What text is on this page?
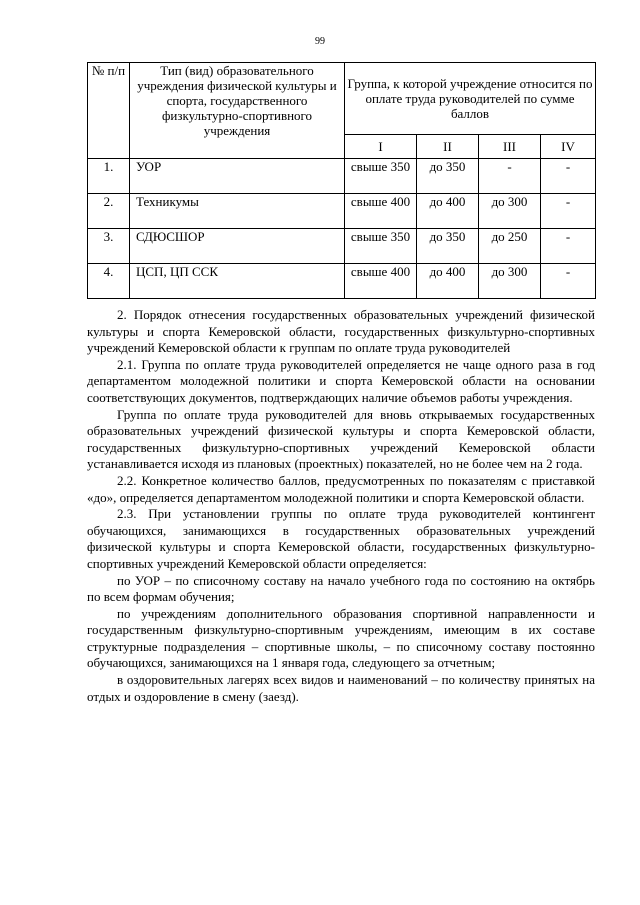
99
№ п/п	Тип (вид) образовательного учреждения физической культуры и спорта, государственного физкультурно-спортивного учреждения	Группа, к которой учреждение относится по оплате труда руководителей по сумме баллов			
		I	II	III	IV
1.	УОР	свыше 350	до 350	-	-
2.	Техникумы	свыше 400	до 400	до 300	-
3.	СДЮСШОР	свыше 350	до 350	до 250	-
4.	ЦСП, ЦП ССК	свыше 400	до 400	до 300	-

2. Порядок отнесения государственных образовательных учреждений физической культуры и спорта Кемеровской области, государственных физкультурно-спортивных учреждений Кемеровской области к группам по оплате труда руководителей

2.1. Группа по оплате труда руководителей определяется не чаще одного раза в год департаментом молодежной политики и спорта Кемеровской области на основании соответствующих документов, подтверждающих наличие объемов работы учреждения.

Группа по оплате труда руководителей для вновь открываемых государственных образовательных учреждений физической культуры и спорта Кемеровской области, государственных физкультурно-спортивных учреждений Кемеровской области устанавливается исходя из плановых (проектных) показателей, но не более чем на 2 года.

2.2. Конкретное количество баллов, предусмотренных по показателям с приставкой «до», определяется департаментом молодежной политики и спорта Кемеровской области.

2.3. При установлении группы по оплате труда руководителей контингент обучающихся, занимающихся в государственных образовательных учреждений физической культуры и спорта Кемеровской области, государственных физкультурно-спортивных учреждений Кемеровской области определяется:

по УОР – по списочному составу на начало учебного года по состоянию на октябрь по всем формам обучения;

по учреждениям дополнительного образования спортивной направленности и государственным физкультурно-спортивным учреждениям, имеющим в их составе структурные подразделения – спортивные школы, – по списочному составу постоянно обучающихся, занимающихся на 1 января года, следующего за отчетным;

в оздоровительных лагерях всех видов и наименований – по количеству принятых на отдых и оздоровление в смену (заезд).
